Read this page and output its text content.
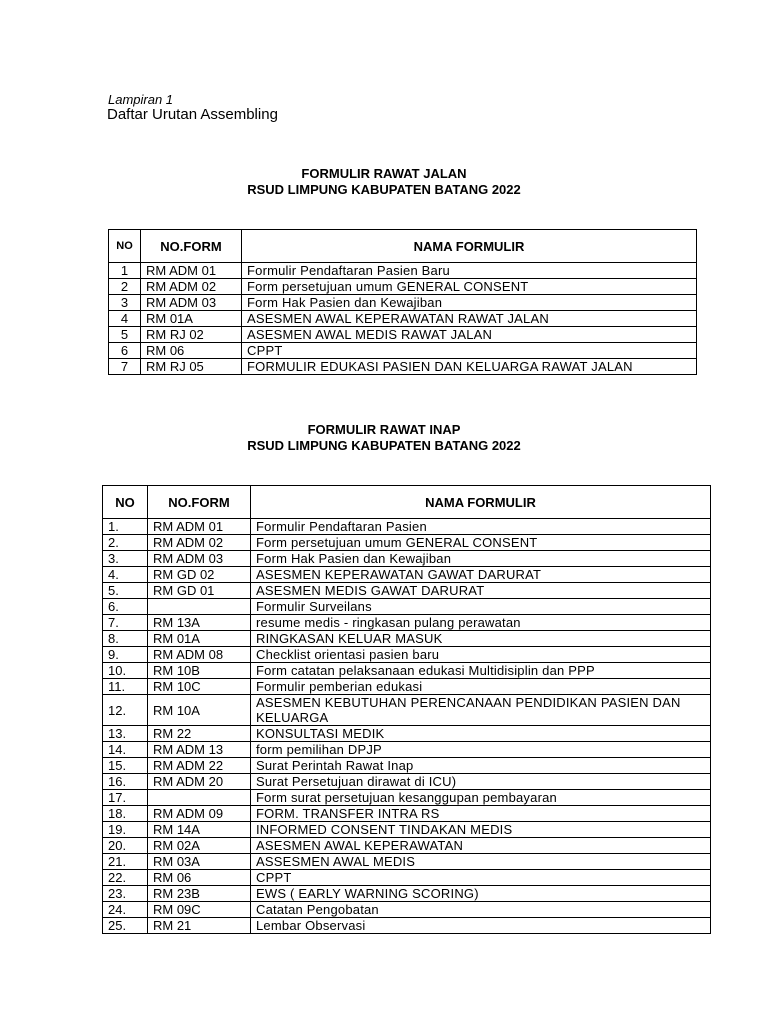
Lampiran 1
Daftar Urutan Assembling
FORMULIR RAWAT JALAN
RSUD LIMPUNG KABUPATEN BATANG 2022
NO	NO.FORM	NAMA FORMULIR
1	RM ADM 01	Formulir Pendaftaran Pasien Baru
2	RM ADM 02	Form persetujuan umum GENERAL CONSENT
3	RM ADM 03	Form Hak Pasien dan Kewajiban
4	RM 01A	ASESMEN AWAL KEPERAWATAN RAWAT JALAN
5	RM RJ 02	ASESMEN AWAL MEDIS RAWAT JALAN
6	RM 06	CPPT
7	RM RJ 05	FORMULIR EDUKASI PASIEN DAN KELUARGA RAWAT JALAN
FORMULIR RAWAT INAP
RSUD LIMPUNG KABUPATEN BATANG 2022
NO	NO.FORM	NAMA FORMULIR
1.	RM ADM 01	Formulir Pendaftaran Pasien
2.	RM ADM 02	Form persetujuan umum GENERAL CONSENT
3.	RM ADM 03	Form Hak Pasien dan Kewajiban
4.	RM GD 02	ASESMEN KEPERAWATAN GAWAT DARURAT
5.	RM GD 01	ASESMEN MEDIS GAWAT DARURAT
6.		Formulir Surveilans
7.	RM 13A	resume medis - ringkasan pulang perawatan
8.	RM 01A	RINGKASAN KELUAR MASUK
9.	RM ADM 08	Checklist orientasi pasien baru
10.	RM 10B	Form catatan pelaksanaan edukasi Multidisiplin dan PPP
11.	RM 10C	Formulir pemberian edukasi
12.	RM 10A	ASESMEN KEBUTUHAN PERENCANAAN PENDIDIKAN PASIEN DAN KELUARGA
13.	RM 22	KONSULTASI MEDIK
14.	RM ADM 13	form pemilihan DPJP
15.	RM ADM 22	Surat Perintah Rawat Inap
16.	RM ADM 20	Surat Persetujuan dirawat di ICU)
17.		Form surat persetujuan kesanggupan pembayaran
18.	RM ADM 09	FORM. TRANSFER INTRA RS
19.	RM 14A	INFORMED CONSENT TINDAKAN MEDIS
20.	RM 02A	ASESMEN AWAL KEPERAWATAN
21.	RM 03A	ASSESMEN AWAL MEDIS
22.	RM 06	CPPT
23.	RM 23B	EWS ( EARLY WARNING SCORING)
24.	RM 09C	Catatan Pengobatan
25.	RM 21	Lembar Observasi
